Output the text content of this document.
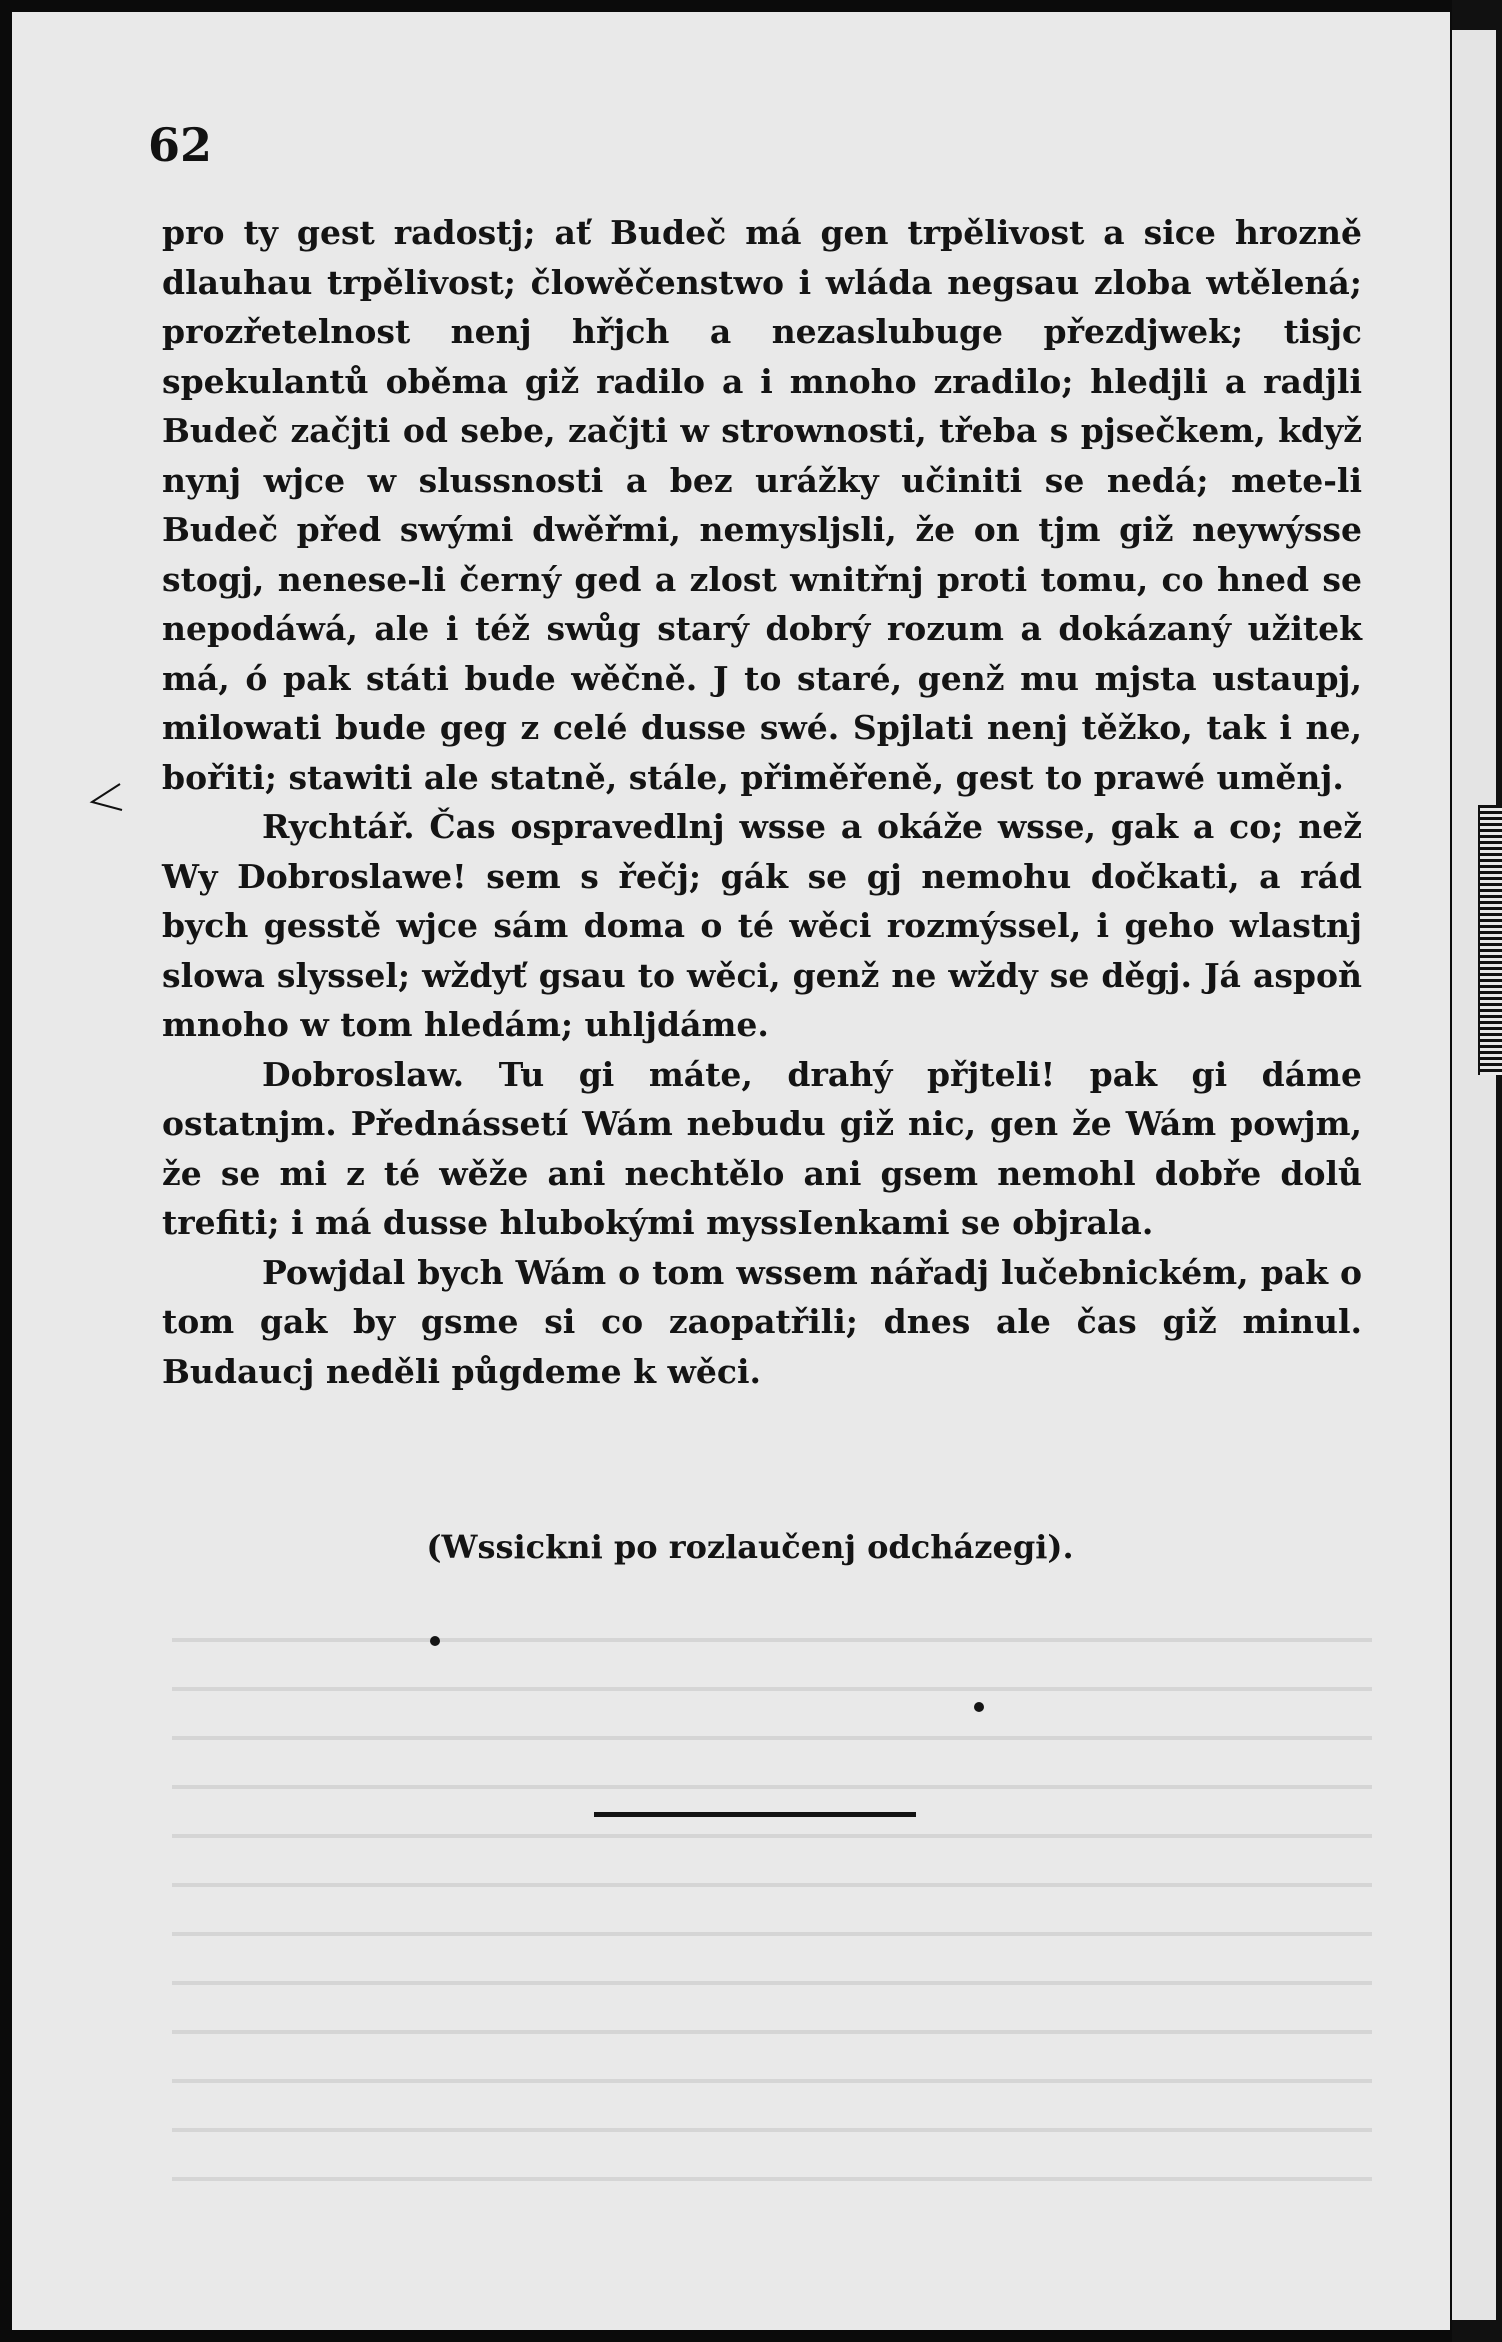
62

pro ty gest radostj; ať Budeč má gen trpělivost a sice hrozně dlauhau trpělivost; člowěčenstwo i wláda negsau zloba wtělená; prozřetelnost nenj hřjch a nezaslubuge přezdjwek; tisjc spekulantů oběma giž radilo a i mnoho zradilo; hledjli a radjli Budeč začjti od sebe, začjti w strownosti, třeba s pjsečkem, když nynj wjce w slussnosti a bez urážky učiniti se nedá; mete-li Budeč před swými dwěřmi, nemysljsli, že on tjm giž neywýsse stogj, nenese-li černý ged a zlost wnitřnj proti tomu, co hned se nepodáwá, ale i též swůg starý dobrý rozum a dokázaný užitek má, ó pak státi bude wěčně. J to staré, genž mu mjsta ustaupj, milowati bude geg z celé dusse swé. Spjlati nenj těžko, tak i ne, bořiti; stawiti ale statně, stále, přiměřeně, gest to prawé uměnj.

Rychtář. Čas ospravedlnj wsse a okáže wsse, gak a co; než Wy Dobroslawe! sem s řečj; gák se gj nemohu dočkati, a rád bych gesstě wjce sám doma o té wěci rozmýssel, i geho wlastnj slowa slyssel; wždyť gsau to wěci, genž ne wždy se děgj. Já aspoň mnoho w tom hledám; uhljdáme.

Dobroslaw. Tu gi máte, drahý přjteli! pak gi dáme ostatnjm. Přednássetí Wám nebudu giž nic, gen že Wám powjm, že se mi z té wěže ani nechtělo ani gsem nemohl dobře dolů trefiti; i má dusse hlubokými myssIenkami se objrala.

Powjdal bych Wám o tom wssem nářadj lučebnickém, pak o tom gak by gsme si co zaopatřili; dnes ale čas giž minul. Budaucj neděli půgdeme k wěci.

(Wssickni po rozlaučenj odcházegi).
